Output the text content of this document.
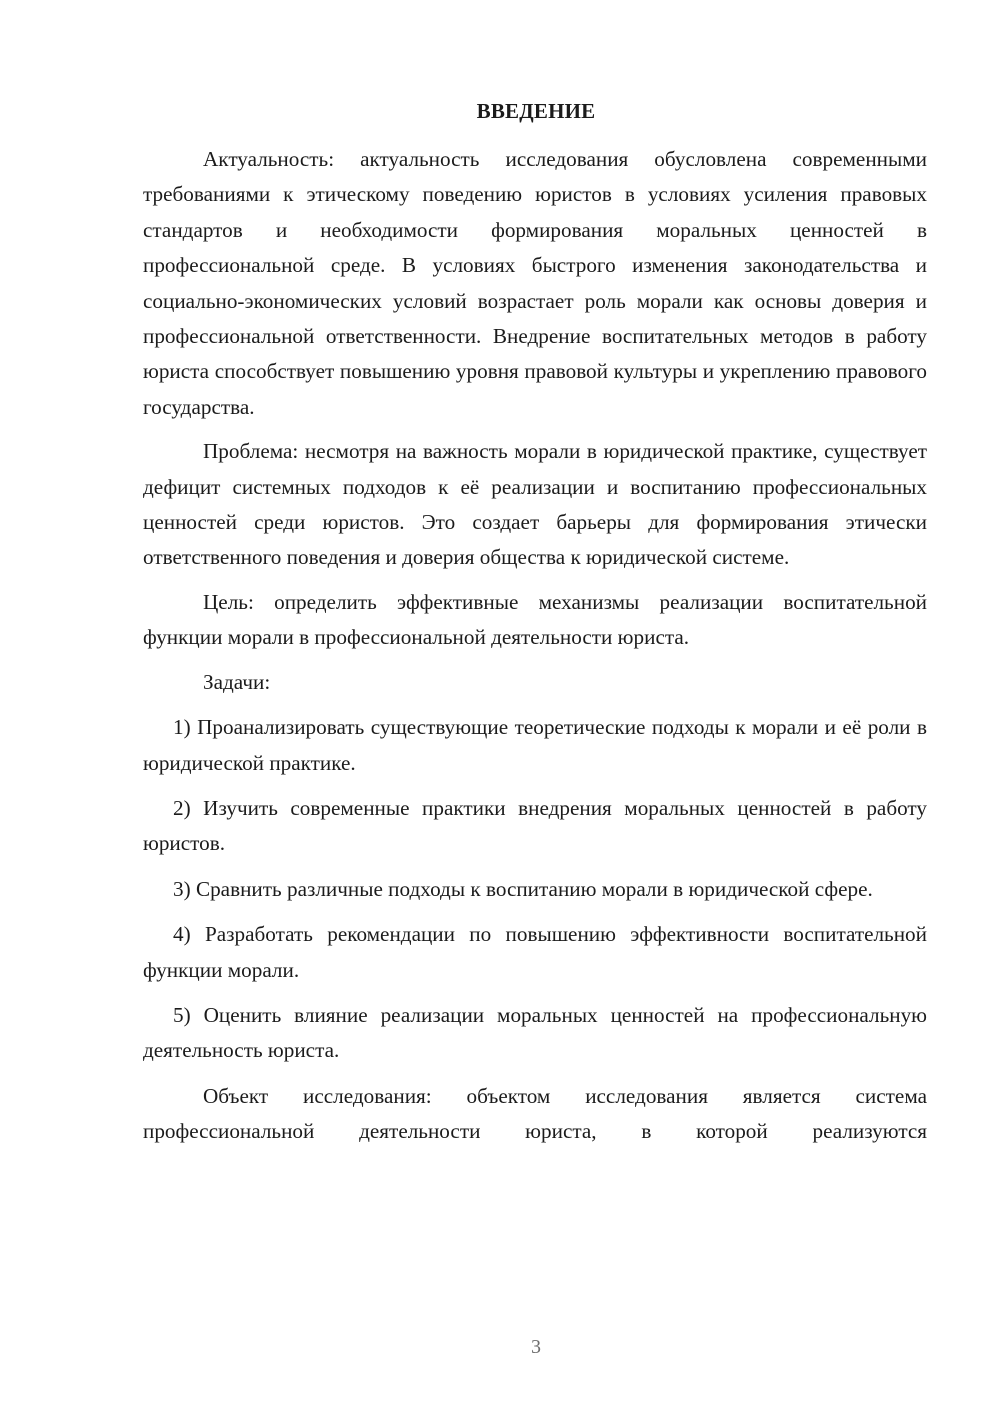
ВВЕДЕНИЕ

Актуальность: актуальность исследования обусловлена современными требованиями к этическому поведению юристов в условиях усиления правовых стандартов и необходимости формирования моральных ценностей в профессиональной среде. В условиях быстрого изменения законодательства и социально-экономических условий возрастает роль морали как основы доверия и профессиональной ответственности. Внедрение воспитательных методов в работу юриста способствует повышению уровня правовой культуры и укреплению правового государства.

Проблема: несмотря на важность морали в юридической практике, существует дефицит системных подходов к её реализации и воспитанию профессиональных ценностей среди юристов. Это создает барьеры для формирования этически ответственного поведения и доверия общества к юридической системе.

Цель: определить эффективные механизмы реализации воспитательной функции морали в профессиональной деятельности юриста.

Задачи:

1) Проанализировать существующие теоретические подходы к морали и её роли в юридической практике.

2) Изучить современные практики внедрения моральных ценностей в работу юристов.

3) Сравнить различные подходы к воспитанию морали в юридической сфере.

4) Разработать рекомендации по повышению эффективности воспитательной функции морали.

5) Оценить влияние реализации моральных ценностей на профессиональную деятельность юриста.

Объект исследования: объектом исследования является система профессиональной деятельности юриста, в которой реализуются

3
